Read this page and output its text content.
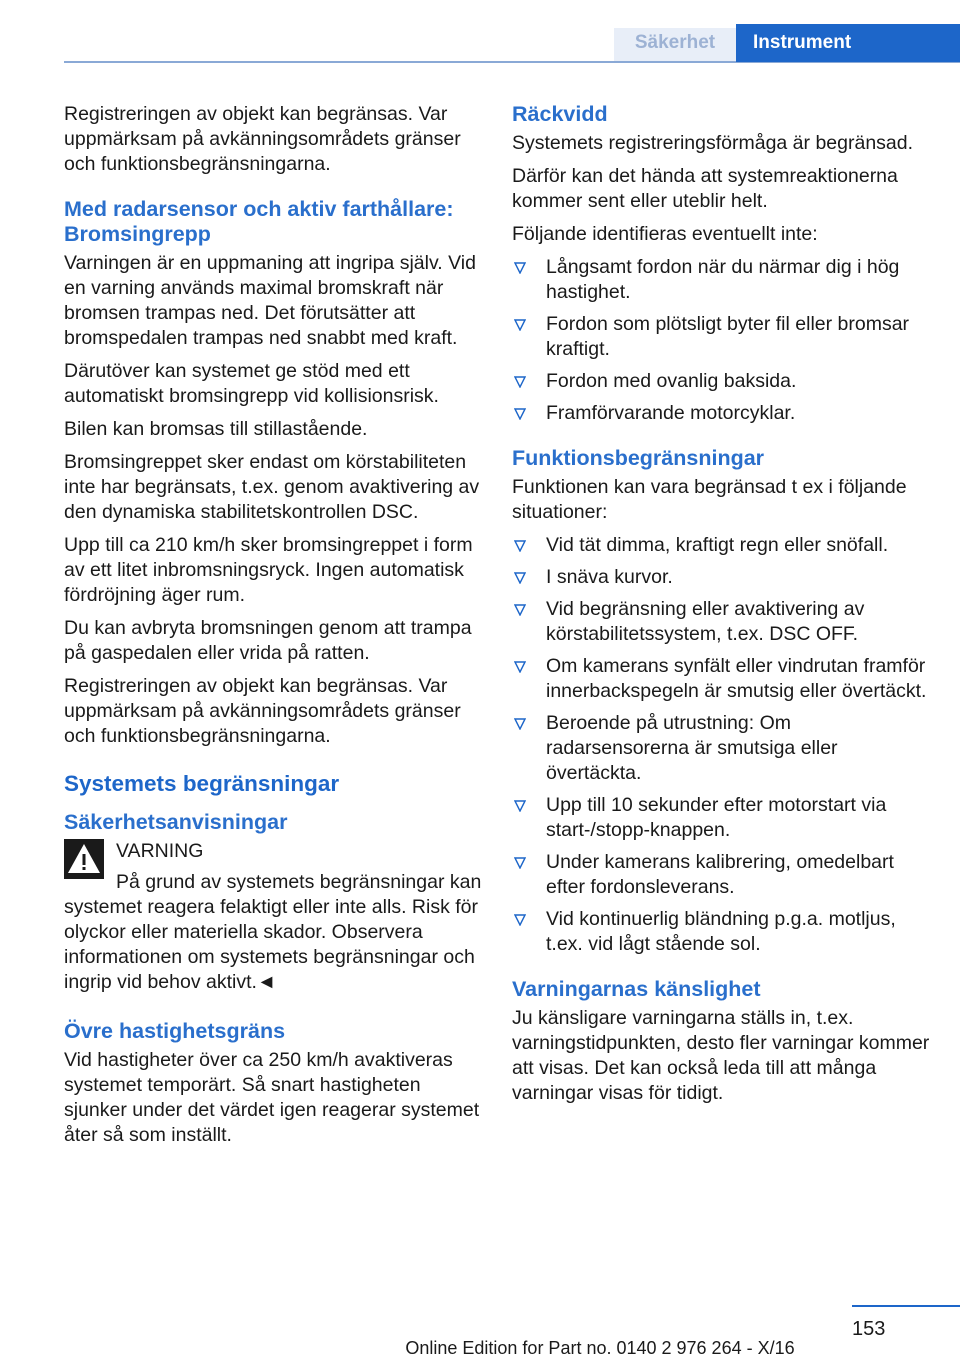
Säkerhet	Instrument

Registreringen av objekt kan begränsas. Var uppmärksam på avkänningsområdets gränser och funktionsbegränsningarna.

Med radarsensor och aktiv farthållare: Bromsingrepp

Varningen är en uppmaning att ingripa själv. Vid en varning används maximal bromskraft när bromsen trampas ned. Det förutsätter att bromspedalen trampas ned snabbt med kraft.

Därutöver kan systemet ge stöd med ett automatiskt bromsingrepp vid kollisionsrisk.

Bilen kan bromsas till stillastående.

Bromsingreppet sker endast om körstabiliteten inte har begränsats, t.ex. genom avaktivering av den dynamiska stabilitetskontrollen DSC.

Upp till ca 210 km/h sker bromsingreppet i form av ett litet inbromsningsryck. Ingen automatisk fördröjning äger rum.

Du kan avbryta bromsningen genom att trampa på gaspedalen eller vrida på ratten.

Registreringen av objekt kan begränsas. Var uppmärksam på avkänningsområdets gränser och funktionsbegränsningarna.

Systemets begränsningar
Säkerhetsanvisningar
VARNING
På grund av systemets begränsningar kan systemet reagera felaktigt eller inte alls. Risk för olyckor eller materiella skador. Observera informationen om systemets begränsningar och ingrip vid behov aktivt.◄
Övre hastighetsgräns

Vid hastigheter över ca 250 km/h avaktiveras systemet temporärt. Så snart hastigheten sjunker under det värdet igen reagerar systemet åter så som inställt.

Räckvidd

Systemets registreringsförmåga är begränsad.

Därför kan det hända att systemreaktionerna kommer sent eller uteblir helt.

Följande identifieras eventuellt inte:

Långsamt fordon när du närmar dig i hög hastighet.
Fordon som plötsligt byter fil eller bromsar kraftigt.
Fordon med ovanlig baksida.
Framförvarande motorcyklar.
Funktionsbegränsningar

Funktionen kan vara begränsad t ex i följande situationer:

Vid tät dimma, kraftigt regn eller snöfall.
I snäva kurvor.
Vid begränsning eller avaktivering av körstabilitetssystem, t.ex. DSC OFF.
Om kamerans synfält eller vindrutan framför innerbackspegeln är smutsig eller övertäckt.
Beroende på utrustning: Om radarsensorerna är smutsiga eller övertäckta.
Upp till 10 sekunder efter motorstart via start-/stopp-knappen.
Under kamerans kalibrering, omedelbart efter fordonsleverans.
Vid kontinuerlig bländning p.g.a. motljus, t.ex. vid lågt stående sol.
Varningarnas känslighet

Ju känsligare varningarna ställs in, t.ex. varningstidpunkten, desto fler varningar kommer att visas. Det kan också leda till att många varningar visas för tidigt.

153
Online Edition for Part no. 0140 2 976 264 - X/16
